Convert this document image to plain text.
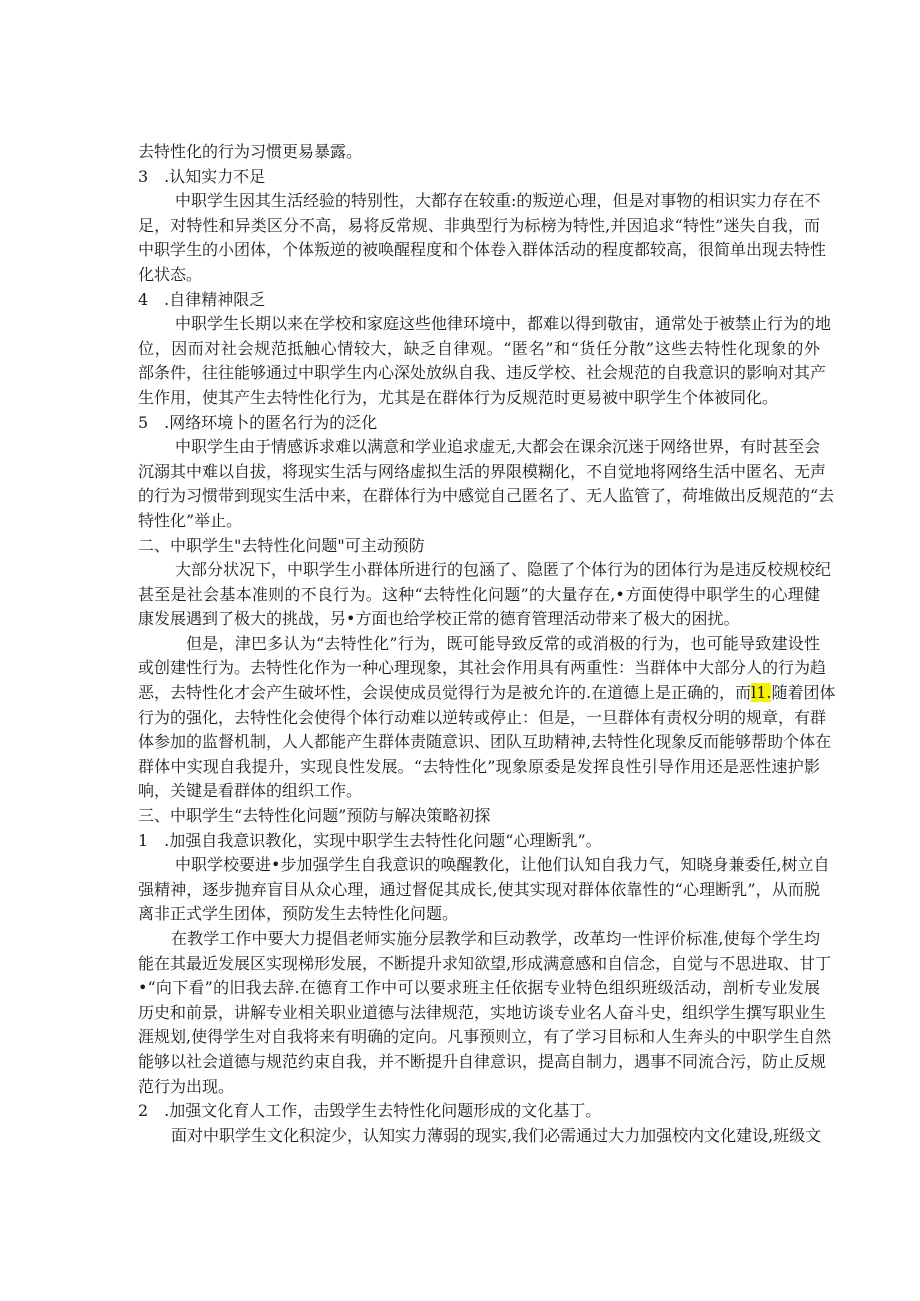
去特性化的行为习惯更易暴露。
3　.认知实力不足
中职学生因其生活经验的特别性，大都存在较重:的叛逆心理，但是对事物的相识实力存在不
足，对特性和异类区分不高，易将反常规、非典型行为标榜为特性,并因追求“特性”迷失自我，而
中职学生的小团体，个体叛逆的被唤醒程度和个体卷入群体活动的程度都较高，很简单出现去特性
化状态。
4　.自律精神限乏
中职学生长期以来在学校和家庭这些他律环境中，都难以得到敬宙，通常处于被禁止行为的地
位，因而对社会规范抵触心情较大，缺乏自律观。“匿名”和“货任分散”这些去特性化现象的外
部条件，往往能够通过中职学生内心深处放纵自我、违反学校、社会规范的自我意识的影响对其产
生作用，使其产生去特性化行为，尤其是在群体行为反规范时更易被中职学生个体被同化。
5　.网络环境卜的匿名行为的泛化
中职学生由于情感诉求难以满意和学业追求虚无,大都会在课余沉迷于网络世界，有时甚至会
沉溺其中难以自拔，将现实生活与网络虚拟生活的界限模糊化，不自觉地将网络生活中匿名、无声
的行为习惯带到现实生活中来，在群体行为中感觉自己匿名了、无人监管了，荷堆做出反规范的“去
特性化”举止。
二、中职学生"去特性化问题"可主动预防
大部分状况下，中职学生小群体所进行的包涵了、隐匿了个体行为的团体行为是违反校规校纪
甚至是社会基本准则的不良行为。这种“去特性化问题”的大量存在,•方面使得中职学生的心理健
康发展遇到了极大的挑战，另•方面也给学校正常的德育管理活动带来了极大的困扰。
但是，津巴多认为“去特性化”行为，既可能导致反常的或消极的行为，也可能导致建设性
或创建性行为。去特性化作为一种心理现象，其社会作用具有两重性：当群体中大部分人的行为趋
恶，去特性化才会产生破坏性，会误使成员觉得行为是被允许的.在道德上是正确的，而l1.随着团体
行为的强化，去特性化会使得个体行动难以逆转或停止：但是，一旦群体有责权分明的规章，有群
体参加的监督机制，人人都能产生群体责随意识、团队互助精神,去特性化现象反而能够帮助个体在
群体中实现自我提升，实现良性发展。“去特性化”现象原委是发挥良性引导作用还是恶性速护影
响，关键是看群体的组织工作。
三、中职学生“去特性化问题”预防与解决策略初探
1　.加强自我意识教化，实现中职学生去特性化问题“心理断乳”。
中职学校要进•步加强学生自我意识的唤醒教化，让他们认知自我力气，知晓身兼委任,树立自
强精神，逐步抛弃盲目从众心理，通过督促其成长,使其实现对群体依靠性的“心理断乳”，从而脱
离非正式学生团体，预防发生去特性化问题。
在教学工作中要大力提倡老师实施分层教学和巨动教学，改革均一性评价标准,使每个学生均
能在其最近发展区实现梯形发展，不断提升求知欲望,形成满意感和自信念，自觉与不思进取、甘丁
•“向下看”的旧我去辞.在德育工作中可以要求班主任依据专业特色组织班级活动，剖析专业发展
历史和前景，讲解专业相关职业道德与法律规范，实地访谈专业名人奋斗史，组织学生撰写职业生
涯规划,使得学生对自我将来有明确的定向。凡事预则立，有了学习目标和人生奔头的中职学生自然
能够以社会道德与规范约束自我，并不断提升自律意识，提高自制力，遇事不同流合污，防止反规
范行为出现。
2　.加强文化育人工作，击毁学生去特性化问题形成的文化基丁。
面对中职学生文化积淀少，认知实力薄弱的现实,我们必需通过大力加强校内文化建设,班级文
